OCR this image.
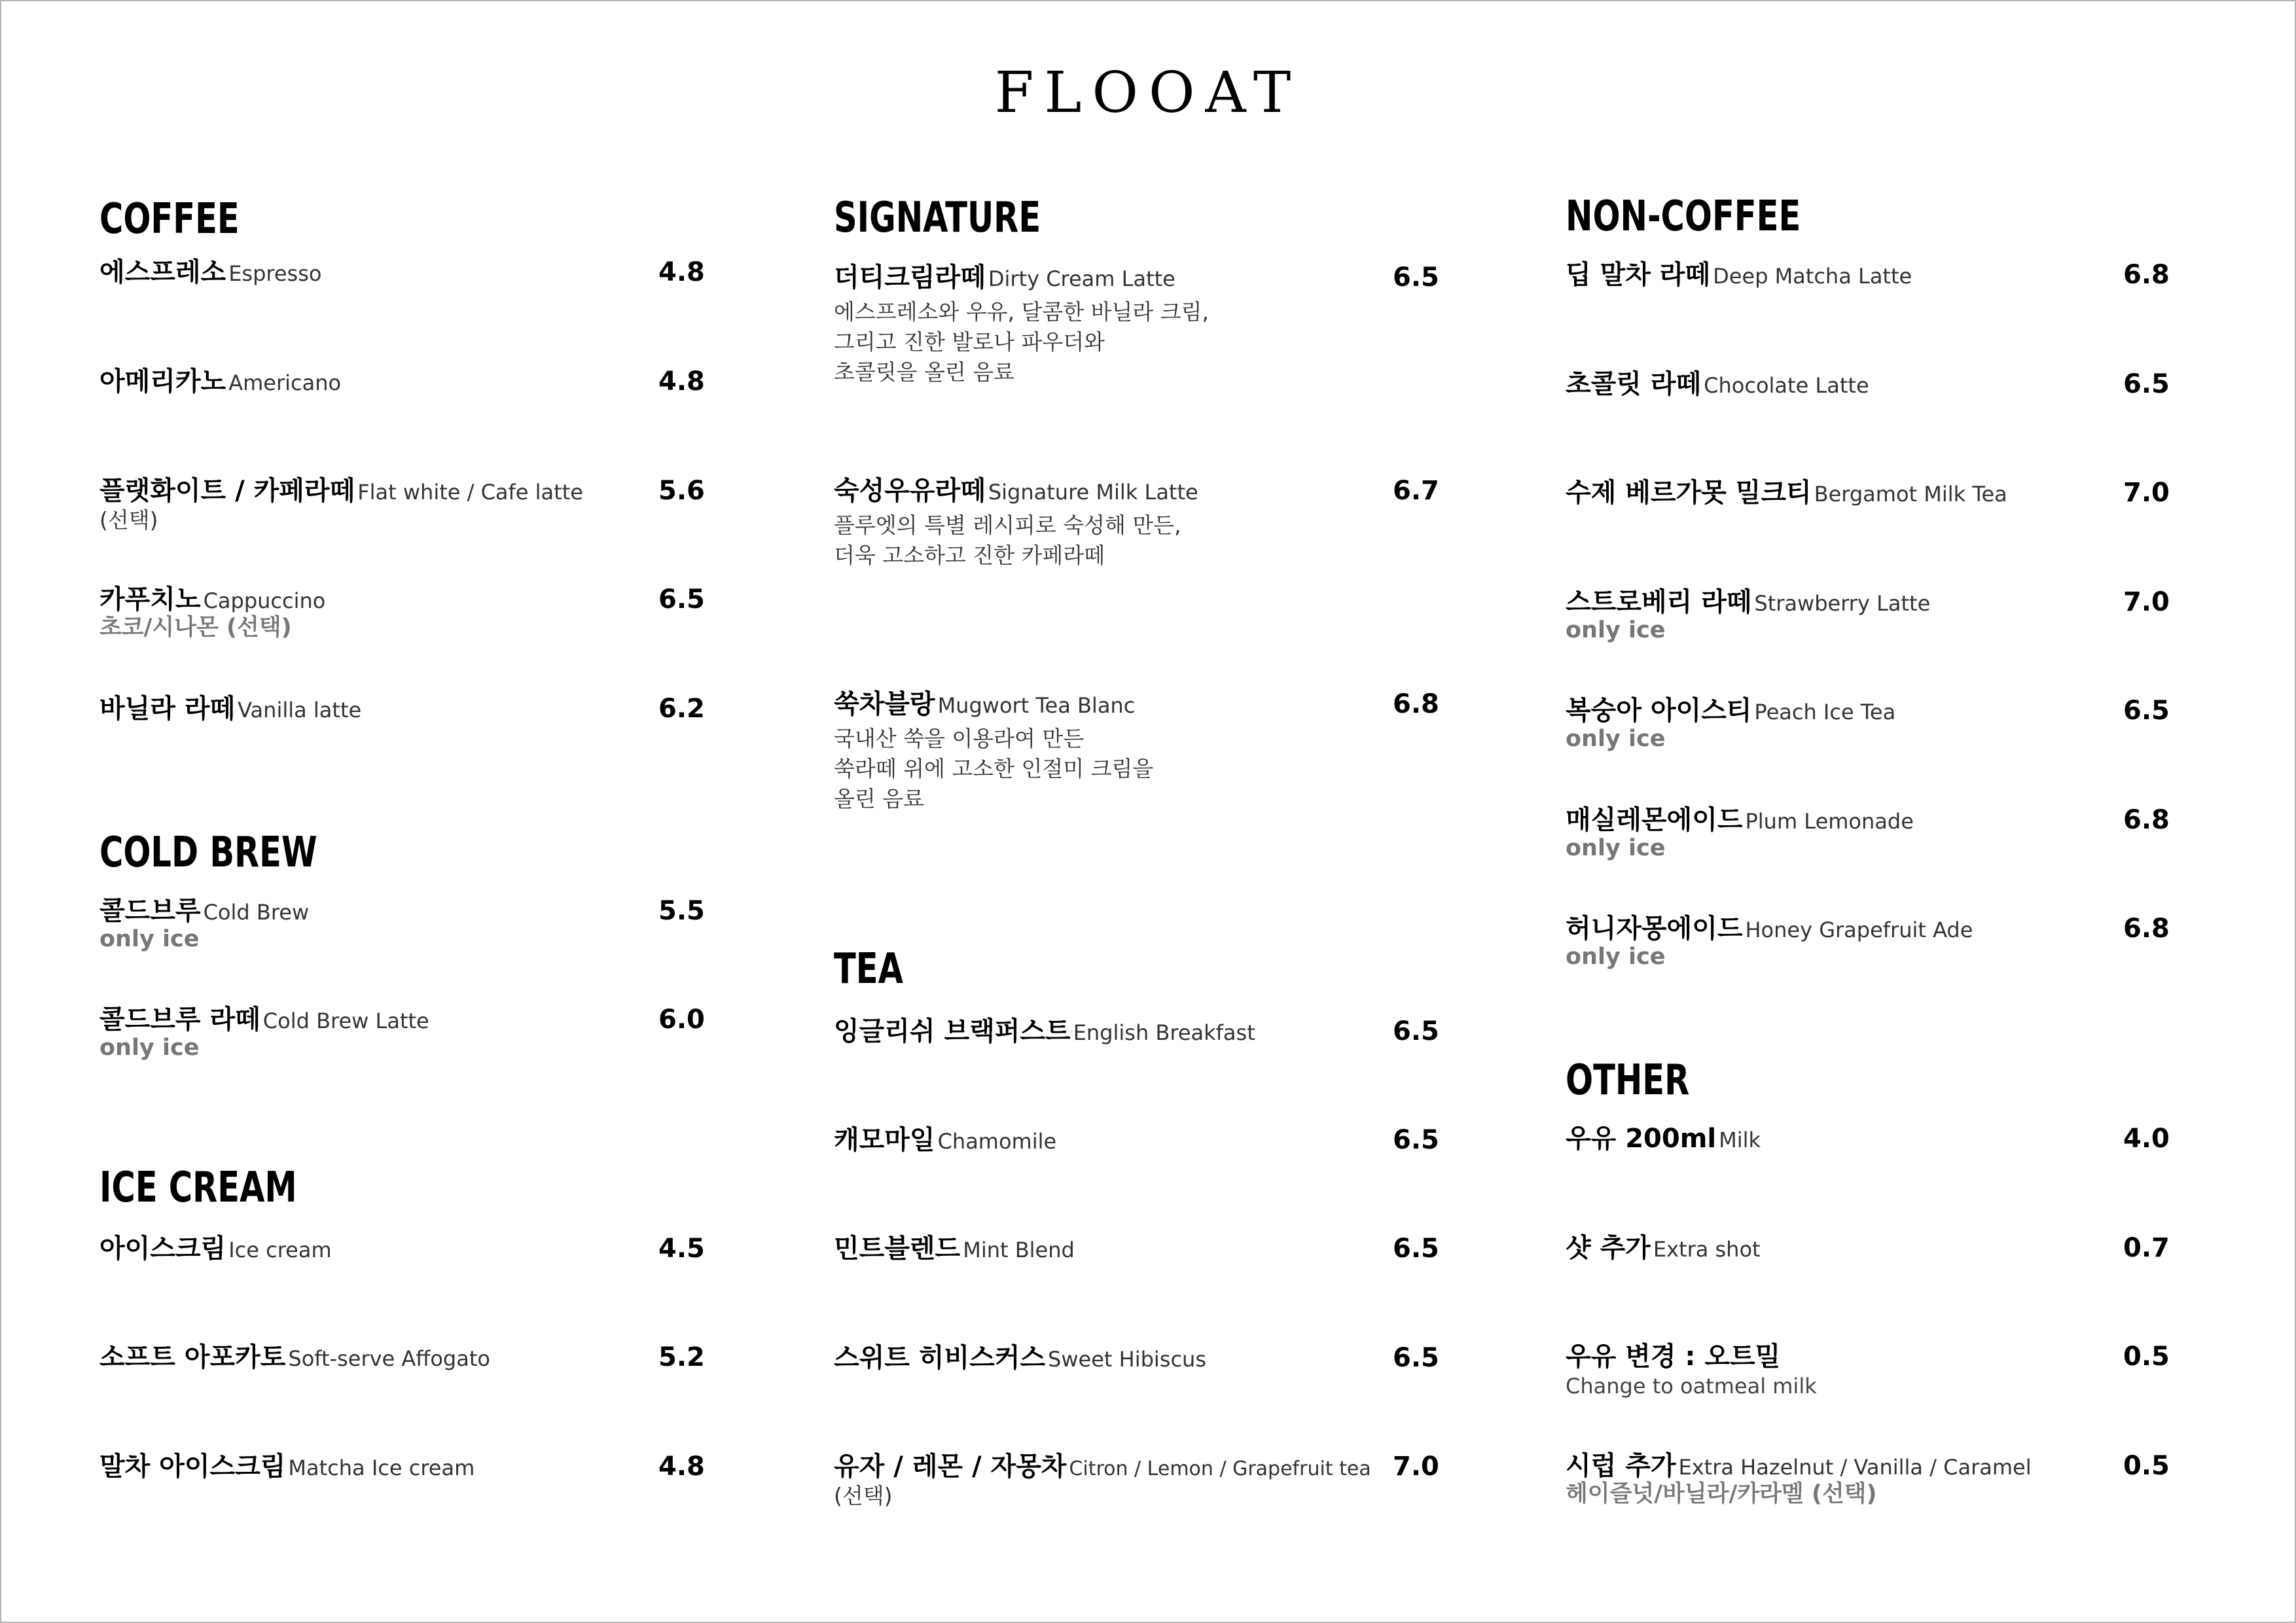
FLOOAT
COFFEE
에스프레소 Espresso	4.8
아메리카노 Americano	4.8
플랫화이트 / 카페라떼 Flat white / Cafe latte	5.6
(선택)
카푸치노 Cappuccino	6.5
초코/시나몬 (선택)
바닐라 라떼 Vanilla latte	6.2
COLD BREW
콜드브루 Cold Brew	5.5
only ice
콜드브루 라떼 Cold Brew Latte	6.0
only ice
ICE CREAM
아이스크림 Ice cream	4.5
소프트 아포카토 Soft-serve Affogato	5.2
말차 아이스크림 Matcha Ice cream	4.8
SIGNATURE
더티크림라떼 Dirty Cream Latte	6.5
에스프레소와 우유, 달콤한 바닐라 크림,
그리고 진한 발로나 파우더와
초콜릿을 올린 음료
숙성우유라떼 Signature Milk Latte	6.7
플루엣의 특별 레시피로 숙성해 만든,
더욱 고소하고 진한 카페라떼
쑥차블랑 Mugwort Tea Blanc	6.8
국내산 쑥을 이용라여 만든
쑥라떼 위에 고소한 인절미 크림을
올린 음료
TEA
잉글리쉬 브랙퍼스트 English Breakfast	6.5
캐모마일 Chamomile	6.5
민트블렌드 Mint Blend	6.5
스위트 히비스커스 Sweet Hibiscus	6.5
유자 / 레몬 / 자몽차 Citron / Lemon / Grapefruit tea 7.0
(선택)
NON-COFFEE
딥 말차 라떼 Deep Matcha Latte	6.8
초콜릿 라떼 Chocolate Latte	6.5
수제 베르가못 밀크티 Bergamot Milk Tea	7.0
스트로베리 라떼 Strawberry Latte	7.0
only ice
복숭아 아이스티 Peach Ice Tea	6.5
only ice
매실레몬에이드 Plum Lemonade	6.8
only ice
허니자몽에이드 Honey Grapefruit Ade	6.8
only ice
OTHER
우유 200ml Milk	4.0
샷 추가 Extra shot	0.7
우유 변경 : 오트밀	0.5
Change to oatmeal milk
시럽 추가 Extra Hazelnut / Vanilla / Caramel	0.5
헤이즐넛/바닐라/카라멜 (선택)
